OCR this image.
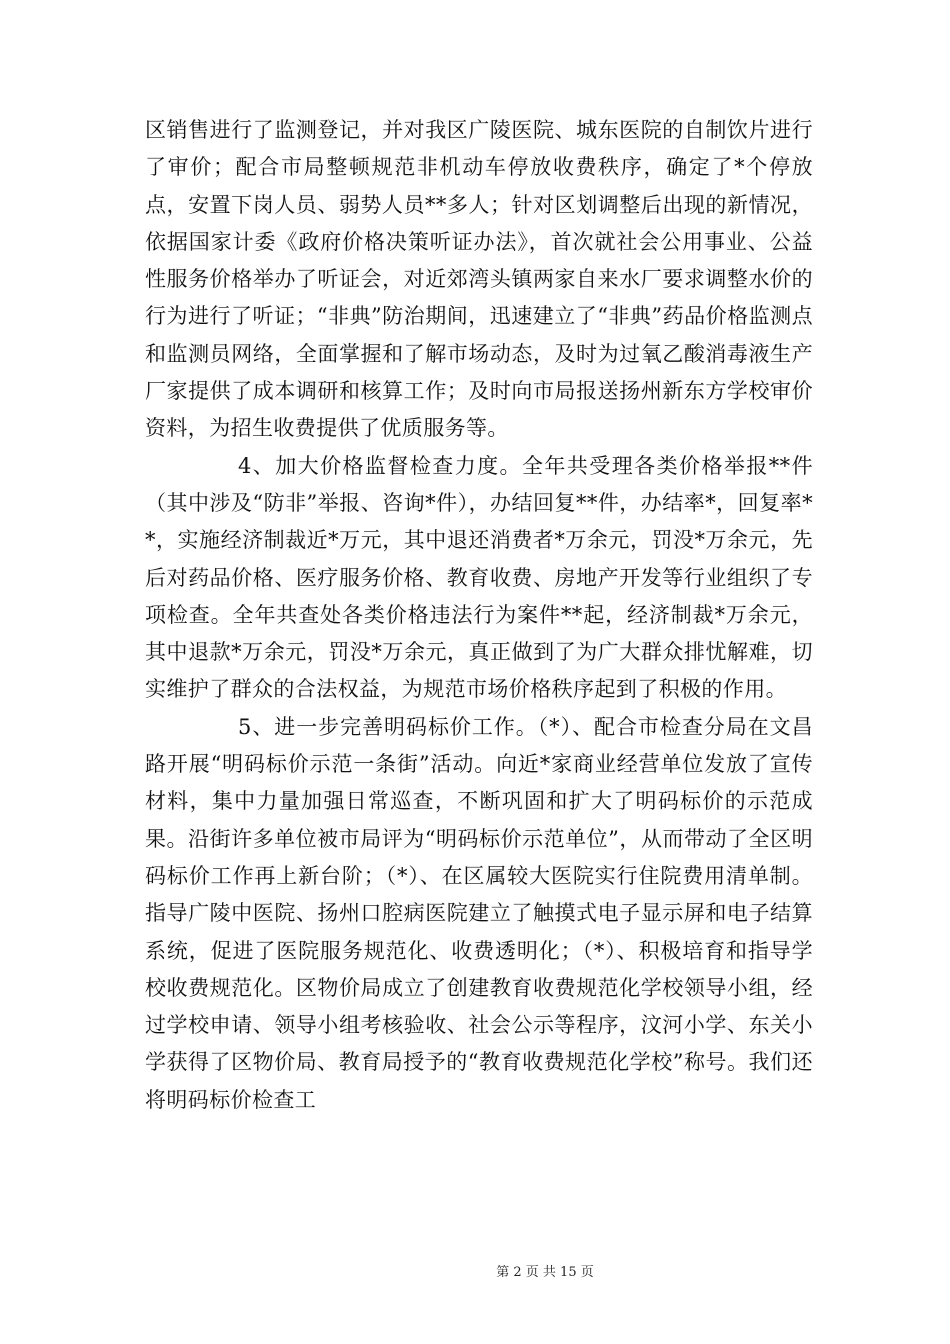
区销售进行了监测登记，并对我区广陵医院、城东医院的自制饮片进行了审价；配合市局整顿规范非机动车停放收费秩序，确定了*个停放点，安置下岗人员、弱势人员**多人；针对区划调整后出现的新情况，依据国家计委《政府价格决策听证办法》，首次就社会公用事业、公益性服务价格举办了听证会，对近郊湾头镇两家自来水厂要求调整水价的行为进行了听证；“非典”防治期间，迅速建立了“非典”药品价格监测点和监测员网络，全面掌握和了解市场动态，及时为过氧乙酸消毒液生产厂家提供了成本调研和核算工作；及时向市局报送扬州新东方学校审价资料，为招生收费提供了优质服务等。

4、加大价格监督检查力度。全年共受理各类价格举报**件（其中涉及“防非”举报、咨询*件），办结回复**件，办结率*，回复率**，实施经济制裁近*万元，其中退还消费者*万余元，罚没*万余元，先后对药品价格、医疗服务价格、教育收费、房地产开发等行业组织了专项检查。全年共查处各类价格违法行为案件**起，经济制裁*万余元，其中退款*万余元，罚没*万余元，真正做到了为广大群众排忧解难，切实维护了群众的合法权益，为规范市场价格秩序起到了积极的作用。

5、进一步完善明码标价工作。（*）、配合市检查分局在文昌路开展“明码标价示范一条街”活动。向近*家商业经营单位发放了宣传材料，集中力量加强日常巡查，不断巩固和扩大了明码标价的示范成果。沿街许多单位被市局评为“明码标价示范单位”，从而带动了全区明码标价工作再上新台阶；（*）、在区属较大医院实行住院费用清单制。指导广陵中医院、扬州口腔病医院建立了触摸式电子显示屏和电子结算系统，促进了医院服务规范化、收费透明化；（*）、积极培育和指导学校收费规范化。区物价局成立了创建教育收费规范化学校领导小组，经过学校申请、领导小组考核验收、社会公示等程序，汶河小学、东关小学获得了区物价局、教育局授予的“教育收费规范化学校”称号。我们还将明码标价检查工

第 2 页 共 15 页
